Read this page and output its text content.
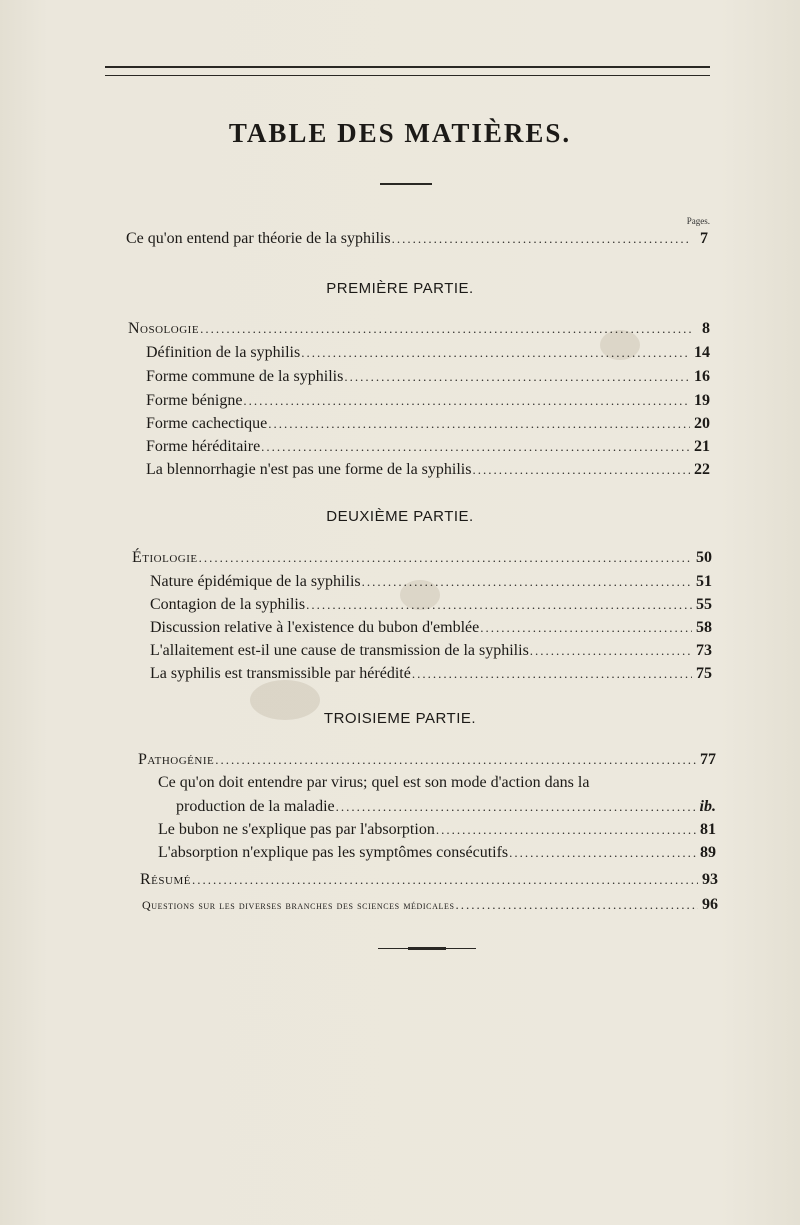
TABLE DES MATIÈRES.
Pages.
Ce qu'on entend par théorie de la syphilis .....	7
PREMIÈRE PARTIE.
Nosologie .....	8
Définition de la syphilis .....	14
Forme commune de la syphilis .....	16
Forme bénigne .....	19
Forme cachectique .....	20
Forme héréditaire .....	21
La blennorrhagie n'est pas une forme de la syphilis .....	22
DEUXIÈME PARTIE.
Étiologie .....	50
Nature épidémique de la syphilis .....	51
Contagion de la syphilis .....	55
Discussion relative à l'existence du bubon d'emblée .....	58
L'allaitement est-il une cause de transmission de la syphilis .....	73
La syphilis est transmissible par hérédité .....	75
TROISIEME PARTIE.
Pathogénie .....	77
Ce qu'on doit entendre par virus; quel est son mode d'action dans la
production de la maladie .....	ib.
Le bubon ne s'explique pas par l'absorption .....	81
L'absorption n'explique pas les symptômes consécutifs .....	89
Résumé .....	93
Questions sur les diverses branches des sciences médicales .....	96
